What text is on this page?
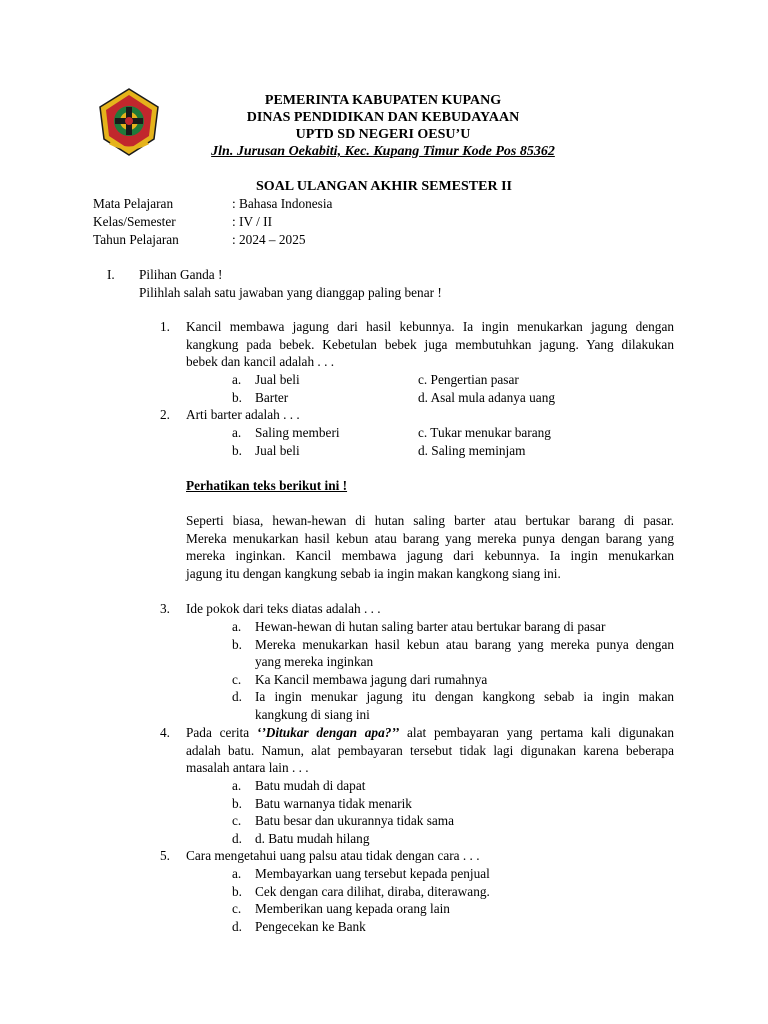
PEMERINTA KABUPATEN KUPANG
DINAS PENDIDIKAN DAN KEBUDAYAAN
UPTD SD NEGERI OESU’U
Jln. Jurusan Oekabiti, Kec. Kupang Timur Kode Pos 85362
SOAL ULANGAN AKHIR SEMESTER II
Mata Pelajaran	: Bahasa Indonesia
Kelas/Semester	: IV / II
Tahun Pelajaran	: 2024 – 2025
I. Pilihan Ganda !
Pilihlah salah satu jawaban yang dianggap paling benar !
1. Kancil membawa jagung dari hasil kebunnya. Ia ingin menukarkan jagung dengan
kangkung pada bebek. Kebetulan bebek juga membutuhkan jagung. Yang dilakukan
bebek dan kancil adalah . . .
a. Jual beli	c. Pengertian pasar
b. Barter	d. Asal mula adanya uang
2. Arti barter adalah . . .
a. Saling memberi	c. Tukar menukar barang
b. Jual beli	d. Saling meminjam
Perhatikan teks berikut ini !
Seperti biasa, hewan-hewan di hutan saling barter atau bertukar barang di pasar.
Mereka menukarkan hasil kebun atau barang yang mereka punya dengan barang yang
mereka inginkan. Kancil membawa jagung dari kebunnya. Ia ingin menukarkan
jagung itu dengan kangkung sebab ia ingin makan kangkong siang ini.
3. Ide pokok dari teks diatas adalah . . .
a. Hewan-hewan di hutan saling barter atau bertukar barang di pasar
b. Mereka menukarkan hasil kebun atau barang yang mereka punya dengan
yang mereka inginkan
c. Ka Kancil membawa jagung dari rumahnya
d. Ia ingin menukar jagung itu dengan kangkong sebab ia ingin makan
kangkung di siang ini
4. Pada cerita ‘’Ditukar dengan apa?’’ alat pembayaran yang pertama kali digunakan
adalah batu. Namun, alat pembayaran tersebut tidak lagi digunakan karena beberapa
masalah antara lain . . .
a. Batu mudah di dapat
b. Batu warnanya tidak menarik
c. Batu besar dan ukurannya tidak sama
d. d. Batu mudah hilang
5. Cara mengetahui uang palsu atau tidak dengan cara . . .
a. Membayarkan uang tersebut kepada penjual
b. Cek dengan cara dilihat, diraba, diterawang.
c. Memberikan uang kepada orang lain
d. Pengecekan ke Bank
